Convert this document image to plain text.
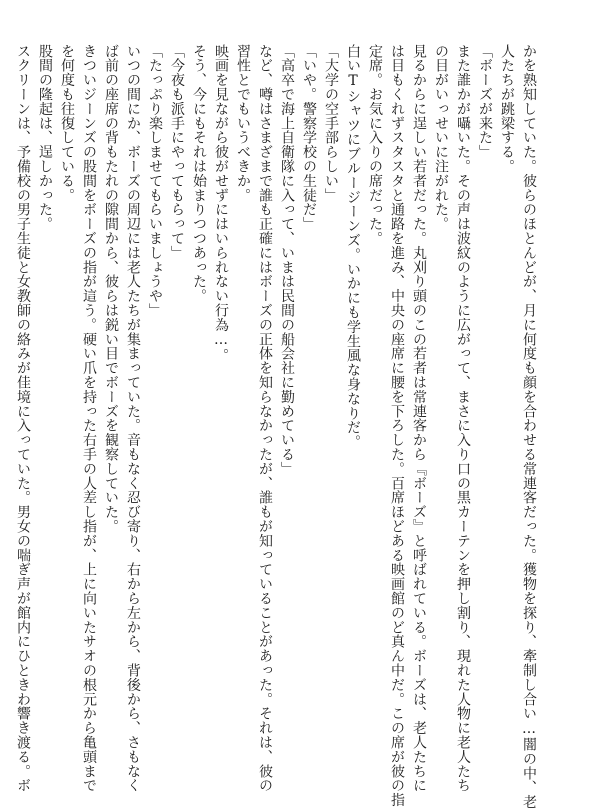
かを熟知していた。彼らのほとんどが、月に何度も顔を合わせる常連客だった。獲物を探り、牽制し合い…闇の中、老

人たちが跳梁する。

「ボーズが来た」

また誰かが囁いた。その声は波紋のように広がって、まさに入り口の黒カーテンを押し割り、現れた人物に老人たち

の目がいっせいに注がれた。

見るからに逞しい若者だった。丸刈り頭のこの若者は常連客から『ボーズ』と呼ばれている。ボーズは、老人たちに

は目もくれずスタスタと通路を進み、中央の座席に腰を下ろした。百席ほどある映画館のど真ん中だ。この席が彼の指

定席。お気に入りの席だった。

白いTシャツにブルージーンズ。いかにも学生風な身なりだ。

「大学の空手部らしい」

「いや。警察学校の生徒だ」

「高卒で海上自衛隊に入って、いまは民間の船会社に勤めている」

など、噂はさまざまで誰も正確にはボーズの正体を知らなかったが、誰もが知っていることがあった。それは、彼の

習性とでもいうべきか。

映画を見ながら彼がせずにはいられない行為…。

そう、今にもそれは始まりつつあった。

「今夜も派手にやってもらって」

「たっぷり楽しませてもらいましょうや」

いつの間にか、ボーズの周辺には老人たちが集まっていた。音もなく忍び寄り、右から左から、背後から、さもなく

ば前の座席の背もたれの隙間から、彼らは鋭い目でボーズを観察していた。

きついジーンズの股間をボーズの指が這う。硬い爪を持った右手の人差し指が、上に向いたサオの根元から亀頭まで

を何度も往復している。

股間の隆起は、逞しかった。

スクリーンは、予備校の男子生徒と女教師の絡みが佳境に入っていた。男女の喘ぎ声が館内にひときわ響き渡る。ボ
